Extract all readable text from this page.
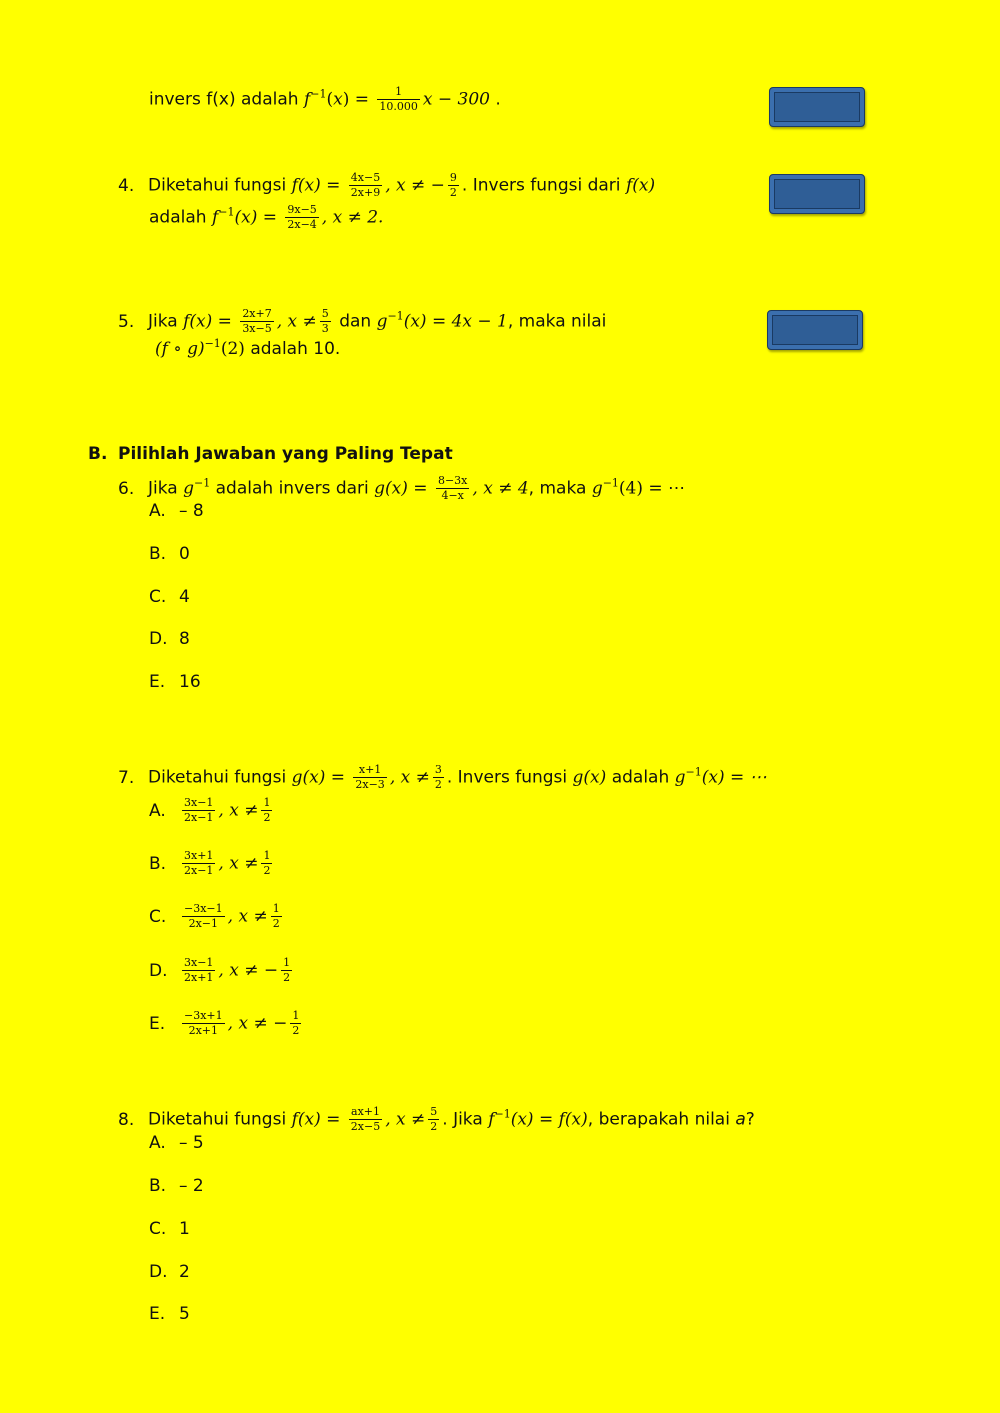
invers f(x) adalah $f^{-1}(x) = \frac{1}{10.000}$ x − 300 .
4. Diketahui fungsi $f(x) = \frac{4x-5}{2x+9}$ , x ≠ − $\frac{9}{2}$ . Invers fungsi dari f(x)
adalah $f^{-1}(x) = \frac{9x-5}{2x-4}$ , x ≠ 2.
5. Jika $f(x) = \frac{2x+7}{3x-5}$ , $x \ne \frac{5}{3}$ dan $g^{-1}(x) = 4x - 1$, maka nilai
(f ∘ g)$^{-1}$(2) adalah 10.
B. Pilihlah Jawaban yang Paling Tepat
6. Jika $g^{-1}$ adalah invers dari $g(x) = \frac{8-3x}{4-x}$ , x ≠ 4, maka $g^{-1}(4)$ = ⋯
A. – 8
B. 0
C. 4
D. 8
E. 16
7. Diketahui fungsi $g(x) = \frac{x+1}{2x-3}$ , $x \ne \frac{3}{2}$ . Invers fungsi g(x) adalah $g^{-1}(x)$ = ⋯
A. $\frac{3x-1}{2x-1}$ , $x \ne \frac{1}{2}$
B. $\frac{3x+1}{2x-1}$ , $x \ne \frac{1}{2}$
C. $\frac{-3x-1}{2x-1}$ , $x \ne \frac{1}{2}$
D. $\frac{3x-1}{2x+1}$ , x ≠ − $\frac{1}{2}$
E. $\frac{-3x+1}{2x+1}$ , x ≠ − $\frac{1}{2}$
8. Diketahui fungsi $f(x) = \frac{ax+1}{2x-5}$ , $x \ne \frac{5}{2}$ . Jika $f^{-1}(x) = f(x)$, berapakah nilai a?
A. – 5
B. – 2
C. 1
D. 2
E. 5
